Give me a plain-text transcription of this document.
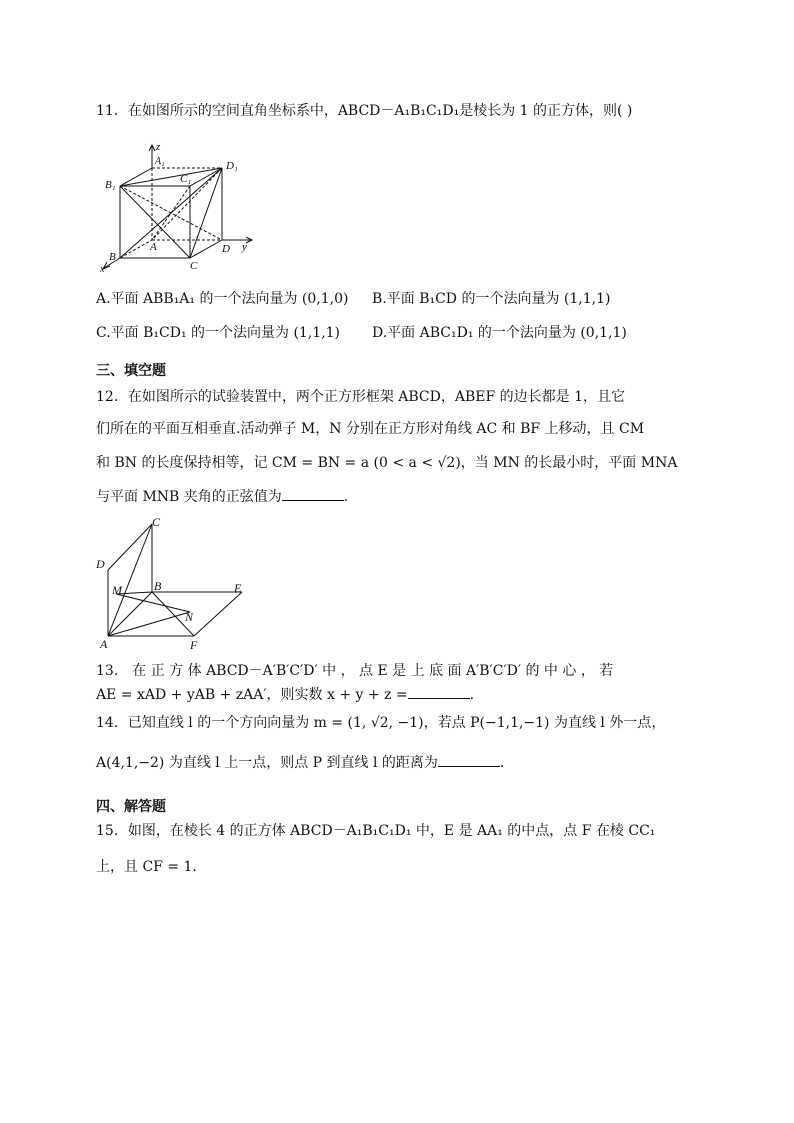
11．在如图所示的空间直角坐标系中，ABCD－A₁B₁C₁D₁是棱长为 1 的正方体，则( )
z
A₁	D₁
B₁	C₁
A	D y
B
C
x
A.平面 ABB₁A₁ 的一个法向量为 (0,1,0) B.平面 B₁CD 的一个法向量为 (1,1,1)
C.平面 B₁CD₁ 的一个法向量为 (1,1,1) D.平面 ABC₁D₁ 的一个法向量为 (0,1,1)
三、填空题
12．在如图所示的试验装置中，两个正方形框架 ABCD，ABEF 的边长都是 1，且它
们所在的平面互相垂直.活动弹子 M，N 分别在正方形对角线 AC 和 BF 上移动，且 CM
和 BN 的长度保持相等，记 CM = BN = a (0 < a < √2)，当 MN 的长最小时，平面 MNA
与平面 MNB 夹角的正弦值为	.
C
D
M	B	E
N
A	F
13． 在 正 方 体 ABCD－A′B′C′D′ 中 ， 点 E 是 上 底 面 A′B′C′D′ 的 中 心 ， 若
AE = xAD + yAB + zAA′，则实数 x + y + z =	.
14．已知直线 l 的一个方向向量为 m = (1, √2, −1)，若点 P(−1,1,−1) 为直线 l 外一点，
A(4,1,−2) 为直线 l 上一点，则点 P 到直线 l 的距离为	.
四、解答题
15．如图，在棱长 4 的正方体 ABCD－A₁B₁C₁D₁ 中，E 是 AA₁ 的中点，点 F 在棱 CC₁
上，且 CF = 1.
